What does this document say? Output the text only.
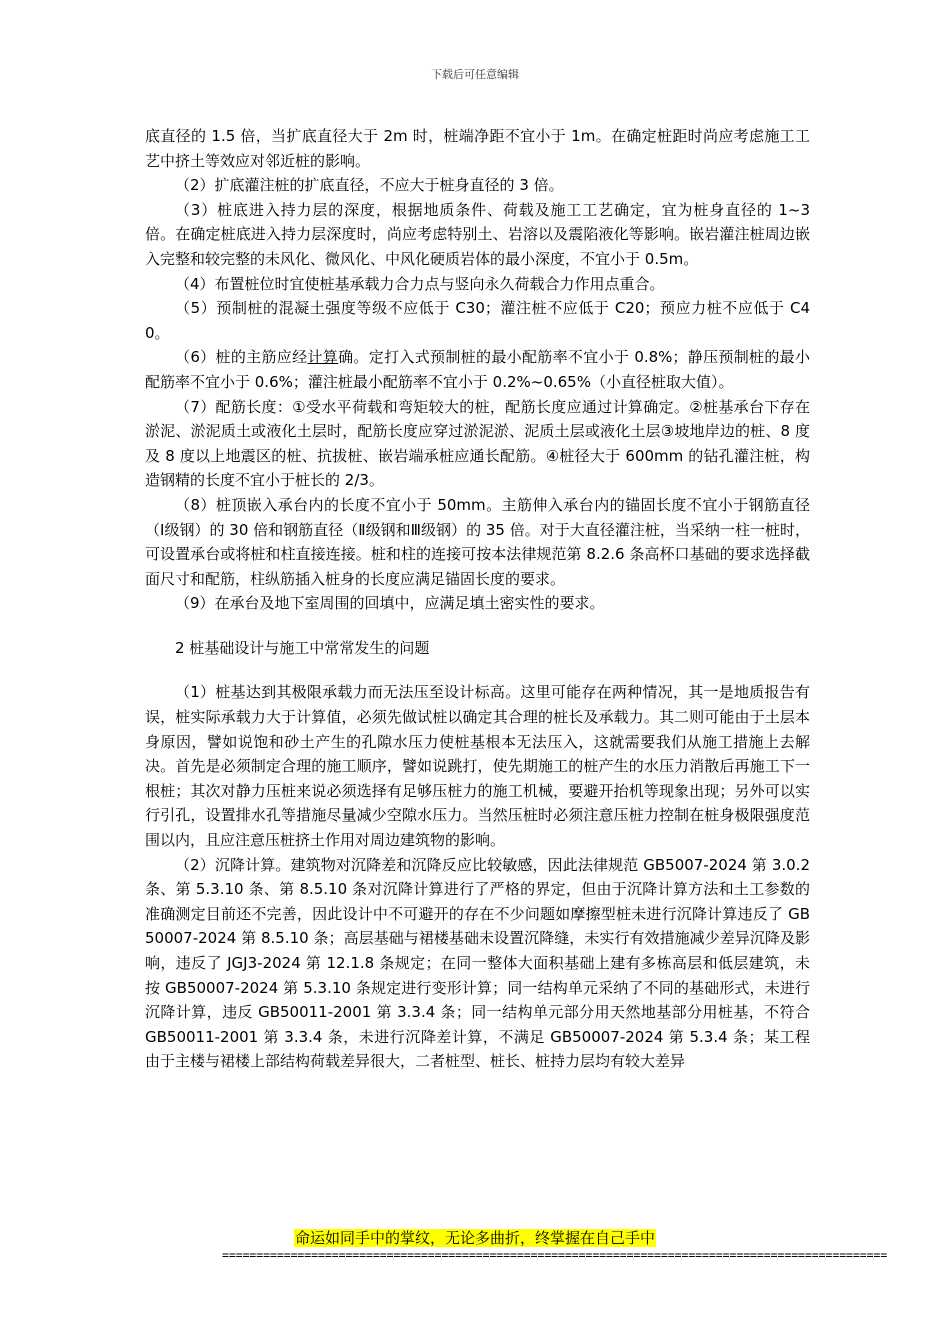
下载后可任意编辑

底直径的 1.5 倍，当扩底直径大于 2m 时，桩端净距不宜小于 1m。在确定桩距时尚应考虑施工工艺中挤土等效应对邻近桩的影响。

（2）扩底灌注桩的扩底直径，不应大于桩身直径的 3 倍。

（3）桩底进入持力层的深度，根据地质条件、荷载及施工工艺确定，宜为桩身直径的 1~3 倍。在确定桩底进入持力层深度时，尚应考虑特别土、岩溶以及震陷液化等影响。嵌岩灌注桩周边嵌入完整和较完整的未风化、微风化、中风化硬质岩体的最小深度，不宜小于 0.5m。

（4）布置桩位时宜使桩基承载力合力点与竖向永久荷载合力作用点重合。

（5）预制桩的混凝土强度等级不应低于 C30；灌注桩不应低于 C20；预应力桩不应低于 C40。

（6）桩的主筋应经计算确。定打入式预制桩的最小配筋率不宜小于 0.8%；静压预制桩的最小配筋率不宜小于 0.6%；灌注桩最小配筋率不宜小于 0.2%~0.65%（小直径桩取大值）。

（7）配筋长度：①受水平荷载和弯矩较大的桩，配筋长度应通过计算确定。②桩基承台下存在淤泥、淤泥质土或液化土层时，配筋长度应穿过淤泥淤、泥质土层或液化土层③坡地岸边的桩、8 度及 8 度以上地震区的桩、抗拔桩、嵌岩端承桩应通长配筋。④桩径大于 600mm 的钻孔灌注桩，构造钢精的长度不宜小于桩长的 2/3。

（8）桩顶嵌入承台内的长度不宜小于 50mm。主筋伸入承台内的锚固长度不宜小于钢筋直径（Ⅰ级钢）的 30 倍和钢筋直径（Ⅱ级钢和Ⅲ级钢）的 35 倍。对于大直径灌注桩，当采纳一柱一桩时，可设置承台或将桩和柱直接连接。桩和柱的连接可按本法律规范第 8.2.6 条高杯口基础的要求选择截面尺寸和配筋，柱纵筋插入桩身的长度应满足锚固长度的要求。

（9）在承台及地下室周围的回填中，应满足填土密实性的要求。

2 桩基础设计与施工中常常发生的问题

（1）桩基达到其极限承载力而无法压至设计标高。这里可能存在两种情况，其一是地质报告有误，桩实际承载力大于计算值，必须先做试桩以确定其合理的桩长及承载力。其二则可能由于土层本身原因，譬如说饱和砂土产生的孔隙水压力使桩基根本无法压入，这就需要我们从施工措施上去解决。首先是必须制定合理的施工顺序，譬如说跳打，使先期施工的桩产生的水压力消散后再施工下一根桩；其次对静力压桩来说必须选择有足够压桩力的施工机械，要避开抬机等现象出现；另外可以实行引孔，设置排水孔等措施尽量减少空隙水压力。当然压桩时必须注意压桩力控制在桩身极限强度范围以内，且应注意压桩挤土作用对周边建筑物的影响。

（2）沉降计算。建筑物对沉降差和沉降反应比较敏感，因此法律规范 GB5007-2024 第 3.0.2 条、第 5.3.10 条、第 8.5.10 条对沉降计算进行了严格的界定，但由于沉降计算方法和土工参数的准确测定目前还不完善，因此设计中不可避开的存在不少问题如摩擦型桩未进行沉降计算违反了 GB50007-2024 第 8.5.10 条；高层基础与裙楼基础未设置沉降缝，未实行有效措施减少差异沉降及影响，违反了 JGJ3-2024 第 12.1.8 条规定；在同一整体大面积基础上建有多栋高层和低层建筑，未按 GB50007-2024 第 5.3.10 条规定进行变形计算；同一结构单元采纳了不同的基础形式，未进行沉降计算，违反 GB50011-2001 第 3.3.4 条；同一结构单元部分用天然地基部分用桩基，不符合 GB50011-2001 第 3.3.4 条，未进行沉降差计算，不满足 GB50007-2024 第 5.3.4 条；某工程由于主楼与裙楼上部结构荷载差异很大，二者桩型、桩长、桩持力层均有较大差异

命运如同手中的掌纹，无论多曲折，终掌握在自己手中
=================================================================================================
